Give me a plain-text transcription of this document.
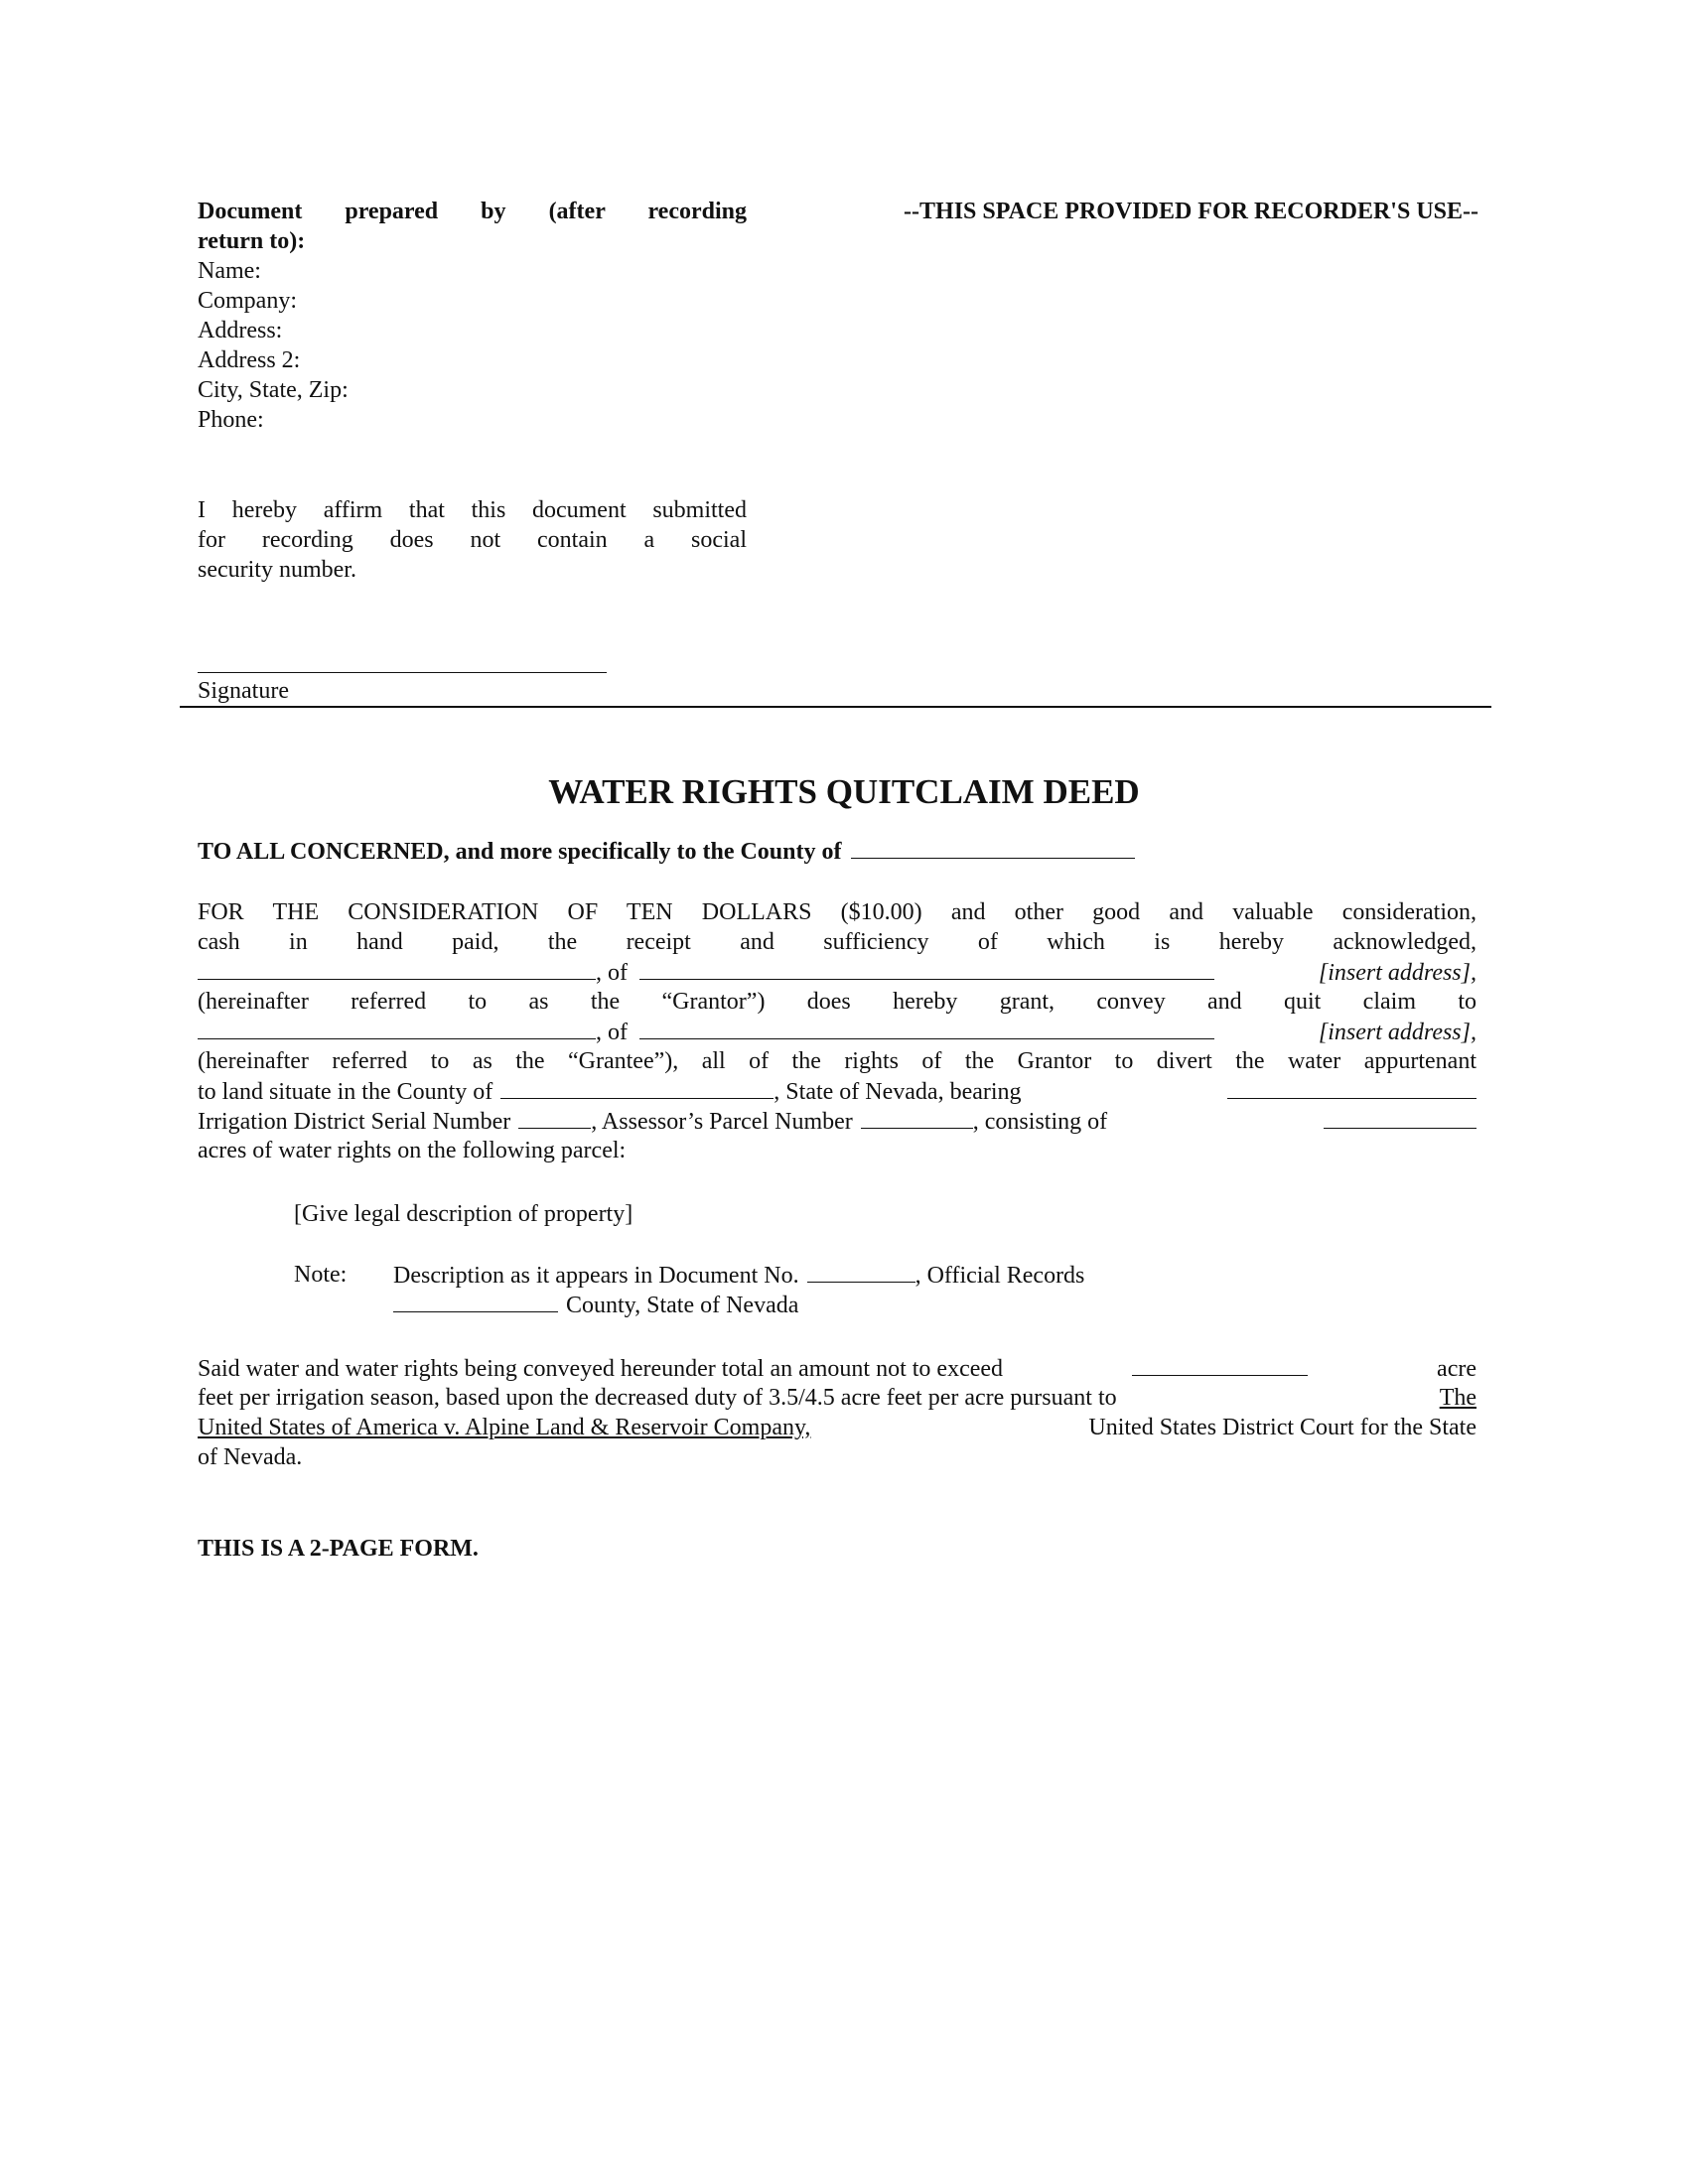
Document prepared by (after recording
return to):
Name:
Company:
Address:
Address 2:
City, State, Zip:
Phone:
--THIS SPACE PROVIDED FOR RECORDER'S USE--
I hereby affirm that this document submitted
for recording does not contain a social
security number.
Signature
WATER RIGHTS QUITCLAIM DEED
TO ALL CONCERNED, and more specifically to the County of
FOR THE CONSIDERATION OF TEN DOLLARS ($10.00) and other good and valuable consideration,
cash in hand paid, the receipt and sufficiency of which is hereby acknowledged,
, of	[insert address],
(hereinafter referred to as the “Grantor”) does hereby grant, convey and quit claim to
, of	[insert address],
(hereinafter referred to as the “Grantee”), all of the rights of the Grantor to divert the water appurtenant
to land situate in the County of	, State of Nevada, bearing
Irrigation District Serial Number	, Assessor’s Parcel Number	, consisting of
acres of water rights on the following parcel:
[Give legal description of property]
Note: Description as it appears in Document No.	, Official Records
County, State of Nevada
Said water and water rights being conveyed hereunder total an amount not to exceed	acre
feet per irrigation season, based upon the decreased duty of 3.5/4.5 acre feet per acre pursuant to	The
United States of America v. Alpine Land & Reservoir Company,	United States District Court for the State
of Nevada.
THIS IS A 2-PAGE FORM.
